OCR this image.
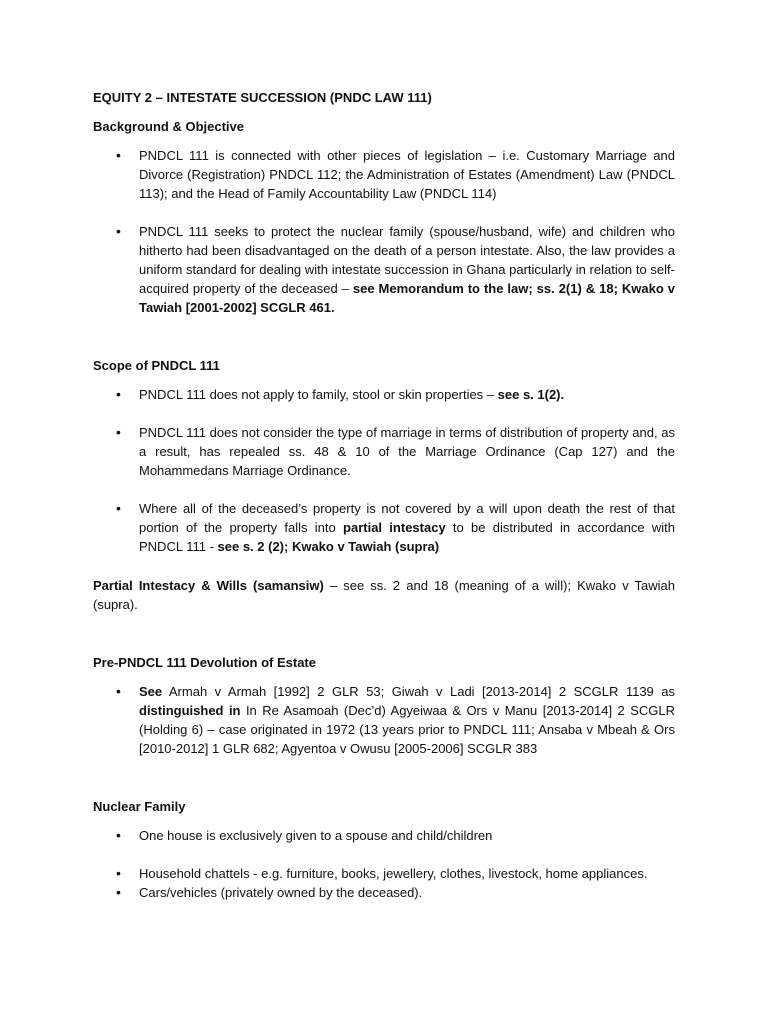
EQUITY 2 – INTESTATE SUCCESSION (PNDC LAW 111)

Background & Objective

• PNDCL 111 is connected with other pieces of legislation – i.e. Customary Marriage and Divorce (Registration) PNDCL 112; the Administration of Estates (Amendment) Law (PNDCL 113); and the Head of Family Accountability Law (PNDCL 114)
• PNDCL 111 seeks to protect the nuclear family (spouse/husband, wife) and children who hitherto had been disadvantaged on the death of a person intestate. Also, the law provides a uniform standard for dealing with intestate succession in Ghana particularly in relation to self-acquired property of the deceased – see Memorandum to the law; ss. 2(1) & 18; Kwako v Tawiah [2001-2002] SCGLR 461.

Scope of PNDCL 111

• PNDCL 111 does not apply to family, stool or skin properties – see s. 1(2).
• PNDCL 111 does not consider the type of marriage in terms of distribution of property and, as a result, has repealed ss. 48 & 10 of the Marriage Ordinance (Cap 127) and the Mohammedans Marriage Ordinance.
• Where all of the deceased’s property is not covered by a will upon death the rest of that portion of the property falls into partial intestacy to be distributed in accordance with PNDCL 111 - see s. 2 (2); Kwako v Tawiah (supra)

Partial Intestacy & Wills (samansiw) – see ss. 2 and 18 (meaning of a will); Kwako v Tawiah (supra).

Pre-PNDCL 111 Devolution of Estate

• See Armah v Armah [1992] 2 GLR 53; Giwah v Ladi [2013-2014] 2 SCGLR 1139 as distinguished in In Re Asamoah (Dec’d) Agyeiwaa & Ors v Manu [2013-2014] 2 SCGLR (Holding 6) – case originated in 1972 (13 years prior to PNDCL 111; Ansaba v Mbeah & Ors [2010-2012] 1 GLR 682; Agyentoa v Owusu [2005-2006] SCGLR 383

Nuclear Family

• One house is exclusively given to a spouse and child/children
• Household chattels - e.g. furniture, books, jewellery, clothes, livestock, home appliances.
• Cars/vehicles (privately owned by the deceased).
